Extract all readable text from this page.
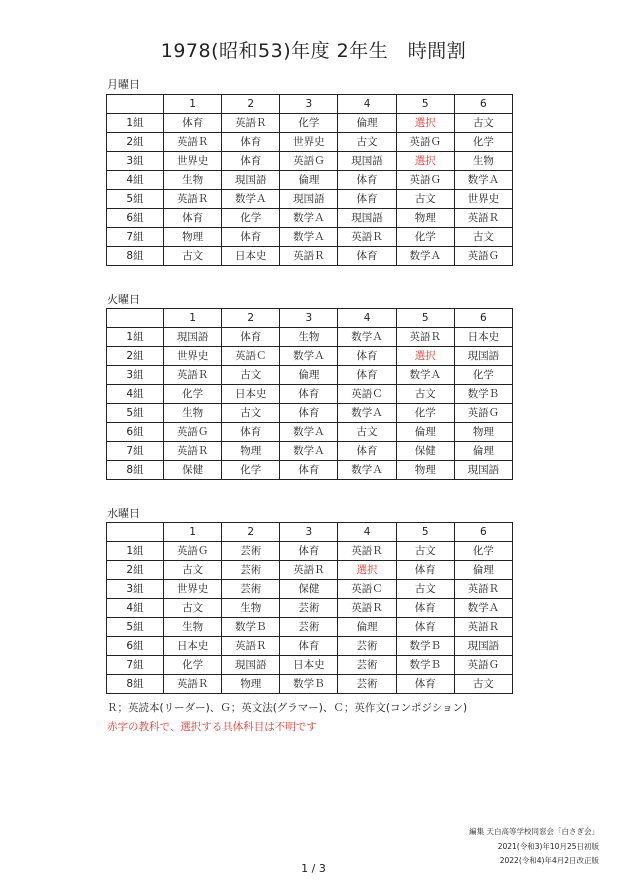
1978(昭和53)年度 2年生　時間割
月曜日
	1	2	3	4	5	6
1組	体育	英語Ｒ	化学	倫理	選択	古文
2組	英語Ｒ	体育	世界史	古文	英語Ｇ	化学
3組	世界史	体育	英語Ｇ	現国語	選択	生物
4組	生物	現国語	倫理	体育	英語Ｇ	数学Ａ
5組	英語Ｒ	数学Ａ	現国語	体育	古文	世界史
6組	体育	化学	数学Ａ	現国語	物理	英語Ｒ
7組	物理	体育	数学Ａ	英語Ｒ	化学	古文
8組	古文	日本史	英語Ｒ	体育	数学Ａ	英語Ｇ
火曜日
	1	2	3	4	5	6
1組	現国語	体育	生物	数学Ａ	英語Ｒ	日本史
2組	世界史	英語Ｃ	数学Ａ	体育	選択	現国語
3組	英語Ｒ	古文	倫理	体育	数学Ａ	化学
4組	化学	日本史	体育	英語Ｃ	古文	数学Ｂ
5組	生物	古文	体育	数学Ａ	化学	英語Ｇ
6組	英語Ｇ	体育	数学Ａ	古文	倫理	物理
7組	英語Ｒ	物理	数学Ａ	体育	保健	倫理
8組	保健	化学	体育	数学Ａ	物理	現国語
水曜日
	1	2	3	4	5	6
1組	英語Ｇ	芸術	体育	英語Ｒ	古文	化学
2組	古文	芸術	英語Ｒ	選択	体育	倫理
3組	世界史	芸術	保健	英語Ｃ	古文	英語Ｒ
4組	古文	生物	芸術	英語Ｒ	体育	数学Ａ
5組	生物	数学Ｂ	芸術	倫理	体育	英語Ｒ
6組	日本史	英語Ｒ	体育	芸術	数学Ｂ	現国語
7組	化学	現国語	日本史	芸術	数学Ｂ	英語Ｇ
8組	英語Ｒ	物理	数学Ｂ	芸術	体育	古文
Ｒ；英読本(リーダー)、Ｇ；英文法(グラマー)、Ｃ；英作文(コンポジション)
赤字の教科で、選択する具体科目は不明です
編集 天白高等学校同窓会「白さぎ会」
2021(令和3)年10月25日初版
2022(令和4)年4月2日改正版
1 / 3
